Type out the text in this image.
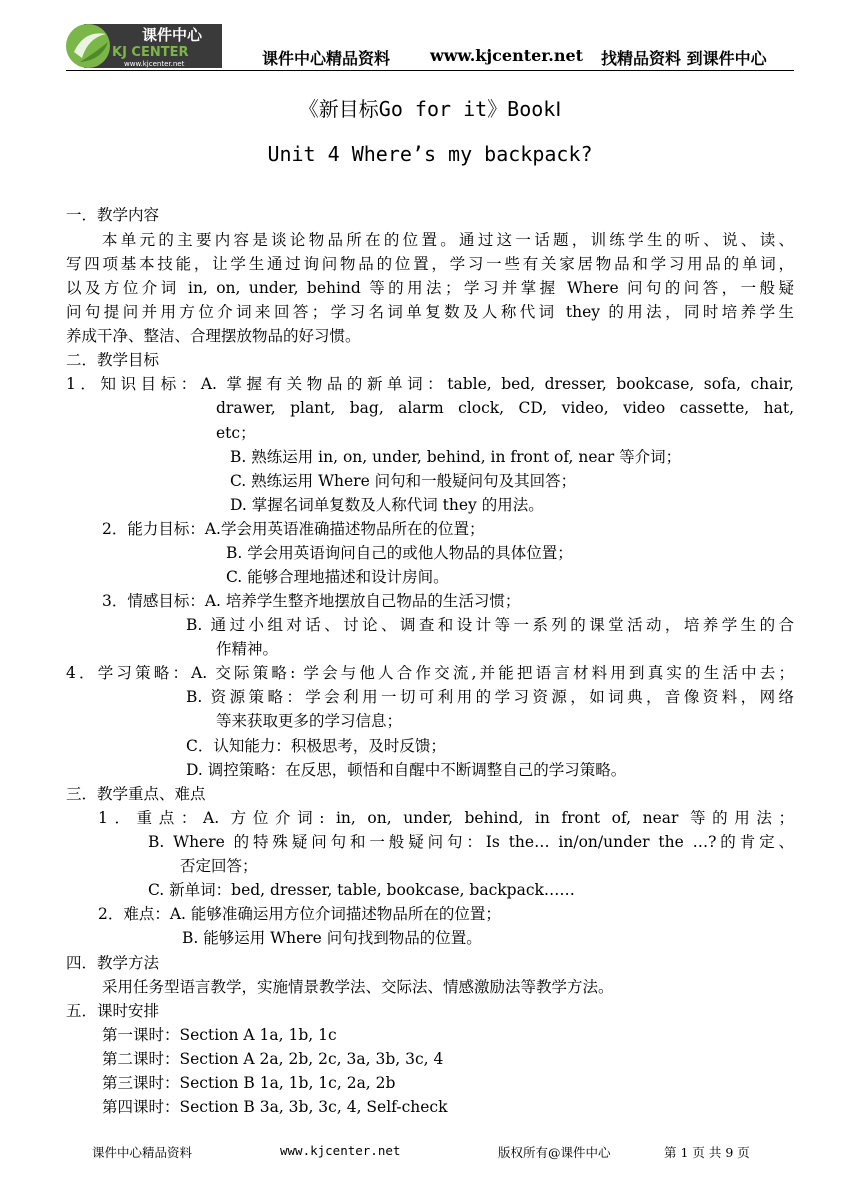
课件中心
KJ CENTER
www.kjcenter.net	课件中心精品资料 www.kjcenter.net 找精品资料 到课件中心
《新目标Go for it》BookⅠ
Unit 4 Where’s my backpack?
一．教学内容
本单元的主要内容是谈论物品所在的位置。通过这一话题，训练学生的听、说、读、
写四项基本技能，让学生通过询问物品的位置，学习一些有关家居物品和学习用品的单词，
以及方位介词 in, on, under, behind 等的用法；学习并掌握 Where 问句的问答，一般疑
问句提问并用方位介词来回答；学习名词单复数及人称代词 they 的用法，同时培养学生
养成干净、整洁、合理摆放物品的好习惯。
二．教学目标
1．知识目标：A. 掌握有关物品的新单词：table, bed, dresser, bookcase, sofa, chair,
drawer, plant, bag, alarm clock, CD, video, video cassette, hat,
etc；
B. 熟练运用 in, on, under, behind, in front of, near 等介词；
C. 熟练运用 Where 问句和一般疑问句及其回答；
D. 掌握名词单复数及人称代词 they 的用法。
2．能力目标：A.学会用英语准确描述物品所在的位置；
B. 学会用英语询问自己的或他人物品的具体位置；
C. 能够合理地描述和设计房间。
3．情感目标：A. 培养学生整齐地摆放自己物品的生活习惯；
B. 通过小组对话、讨论、调查和设计等一系列的课堂活动，培养学生的合
作精神。
4．学习策略：A. 交际策略: 学会与他人合作交流,并能把语言材料用到真实的生活中去；
B. 资源策略：学会利用一切可利用的学习资源，如词典，音像资料，网络
等来获取更多的学习信息；
C．认知能力：积极思考，及时反馈；
D. 调控策略：在反思，顿悟和自醒中不断调整自己的学习策略。
三．教学重点、难点
1．重点：A. 方位介词: in, on, under, behind, in front of, near 等的用法；
B. Where 的特殊疑问句和一般疑问句：Is the… in/on/under the …?的肯定、
否定回答；
C. 新单词：bed, dresser, table, bookcase, backpack……
2．难点：A. 能够准确运用方位介词描述物品所在的位置；
B. 能够运用 Where 问句找到物品的位置。
四．教学方法
采用任务型语言教学，实施情景教学法、交际法、情感激励法等教学方法。
五．课时安排
第一课时：Section A 1a, 1b, 1c
第二课时：Section A 2a, 2b, 2c, 3a, 3b, 3c, 4
第三课时：Section B 1a, 1b, 1c, 2a, 2b
第四课时：Section B 3a, 3b, 3c, 4, Self-check
课件中心精品资料	www.kjcenter.net	版权所有@课件中心	第 1 页 共 9 页
